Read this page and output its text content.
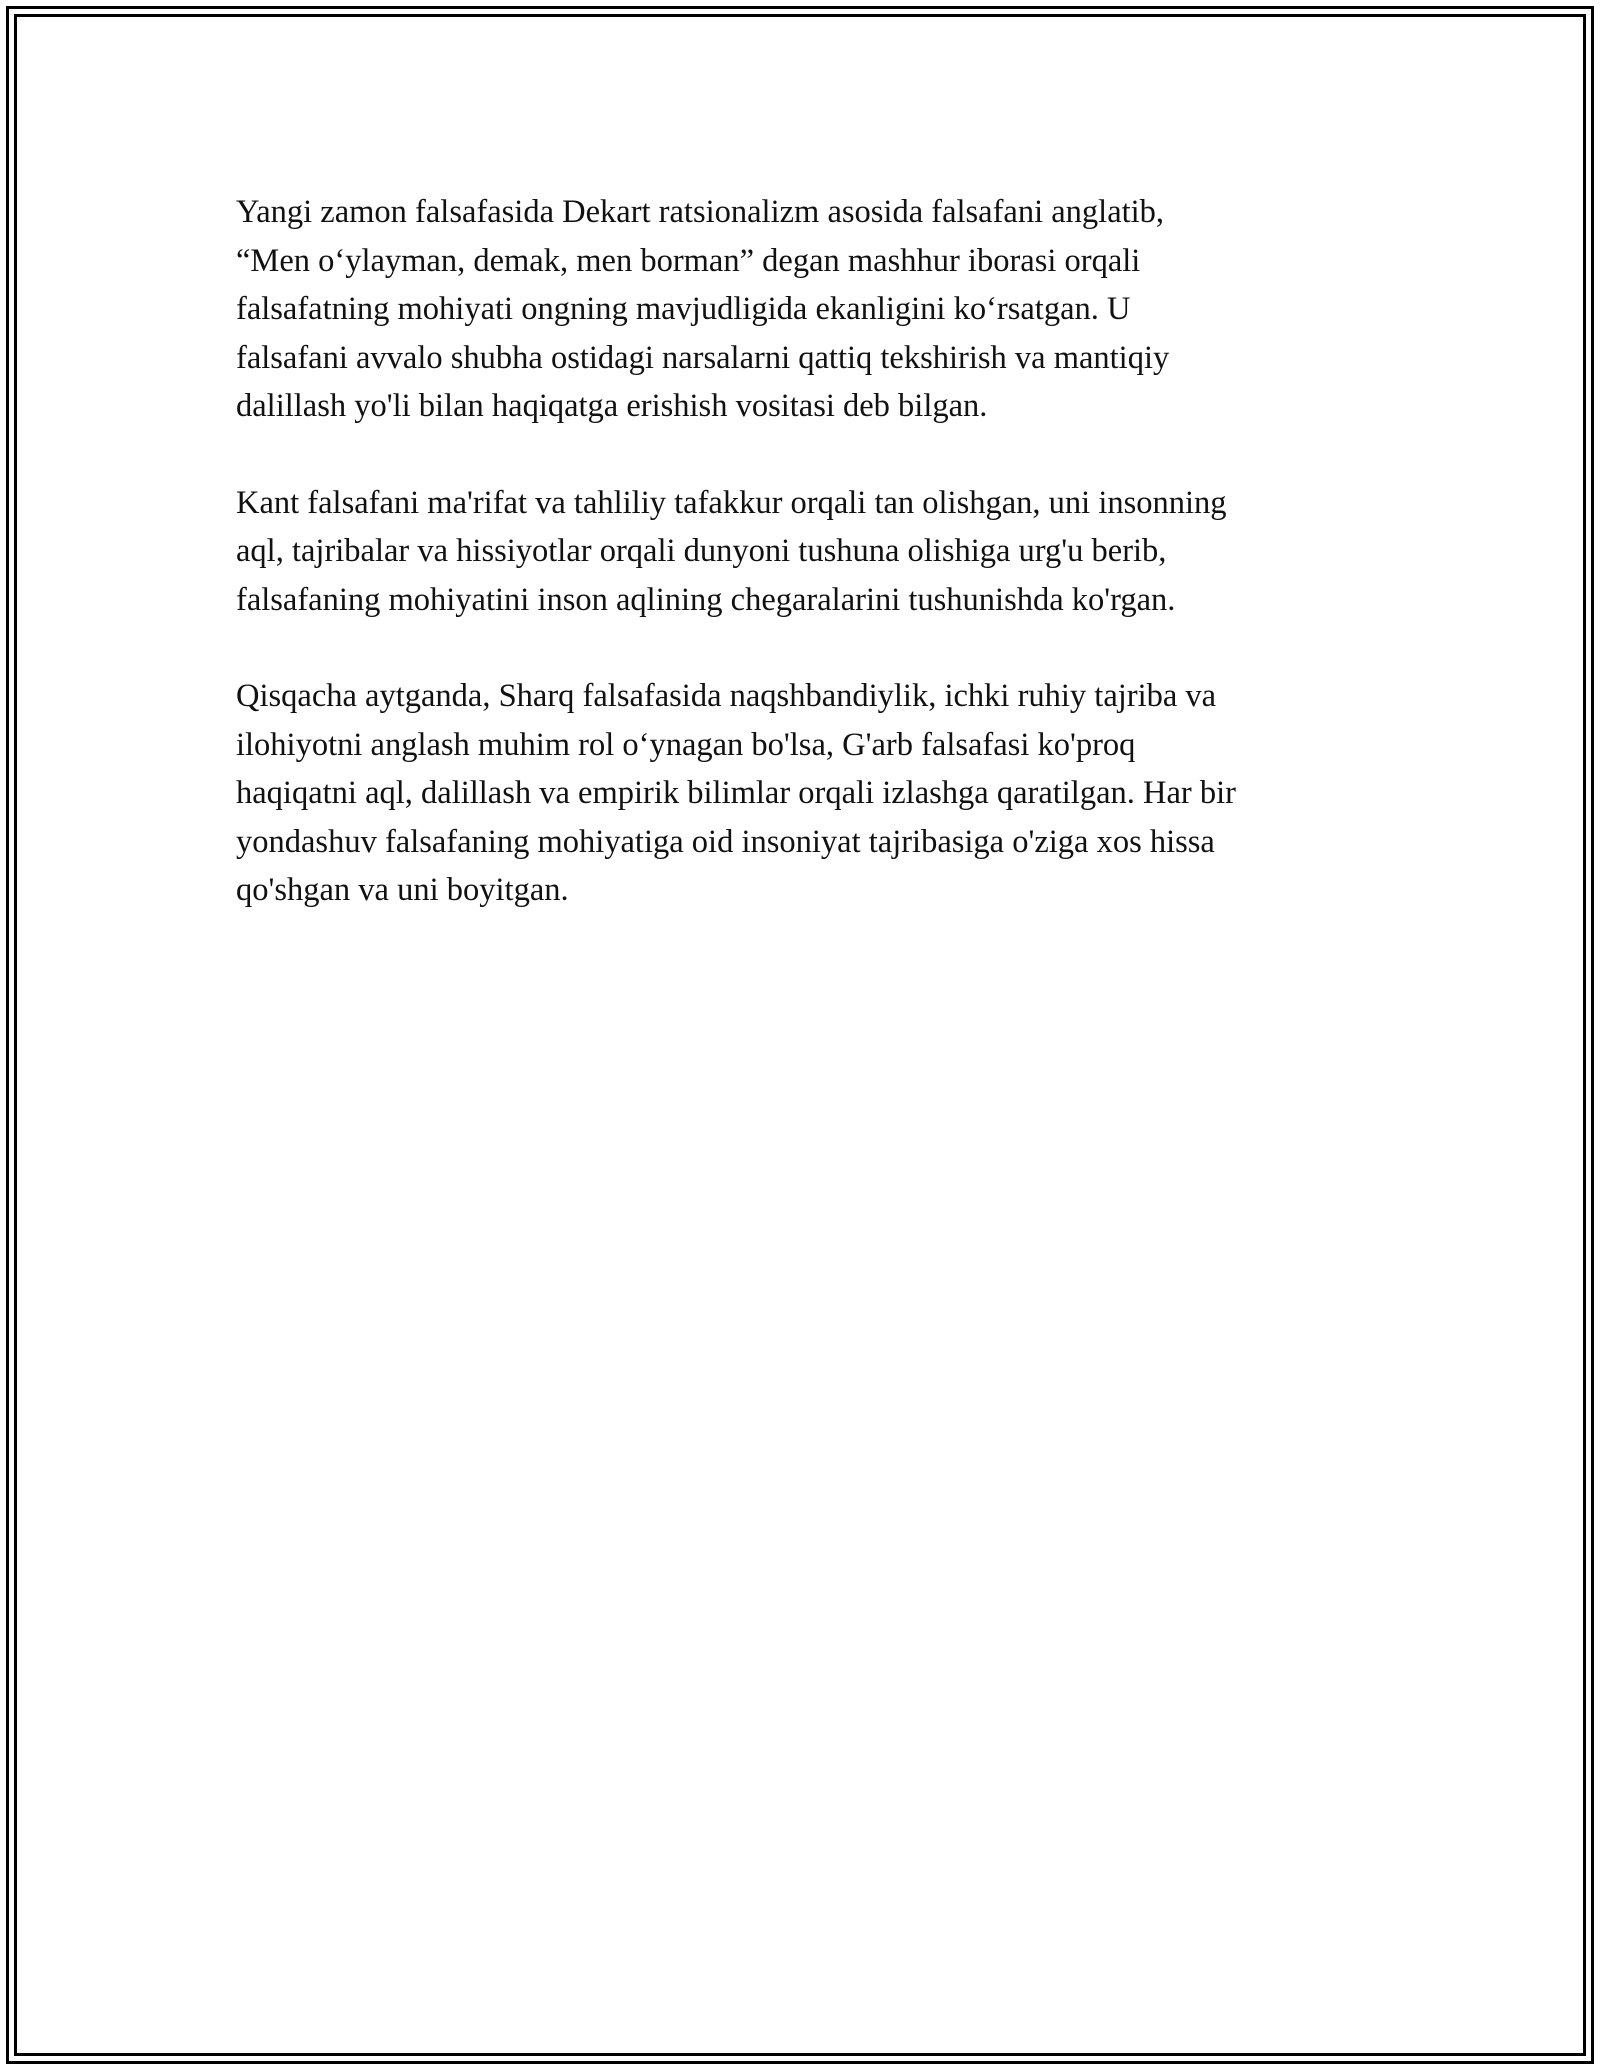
Yangi zamon falsafasida Dekart ratsionalizm asosida falsafani anglatib,
“Men o‘ylayman, demak, men borman” degan mashhur iborasi orqali
falsafatning mohiyati ongning mavjudligida ekanligini ko‘rsatgan. U
falsafani avvalo shubha ostidagi narsalarni qattiq tekshirish va mantiqiy
dalillash yo'li bilan haqiqatga erishish vositasi deb bilgan.

Kant falsafani ma'rifat va tahliliy tafakkur orqali tan olishgan, uni insonning
aql, tajribalar va hissiyotlar orqali dunyoni tushuna olishiga urg'u berib,
falsafaning mohiyatini inson aqlining chegaralarini tushunishda ko'rgan.

Qisqacha aytganda, Sharq falsafasida naqshbandiylik, ichki ruhiy tajriba va
ilohiyotni anglash muhim rol o‘ynagan bo'lsa, G'arb falsafasi ko'proq
haqiqatni aql, dalillash va empirik bilimlar orqali izlashga qaratilgan. Har bir
yondashuv falsafaning mohiyatiga oid insoniyat tajribasiga o'ziga xos hissa
qo'shgan va uni boyitgan.
